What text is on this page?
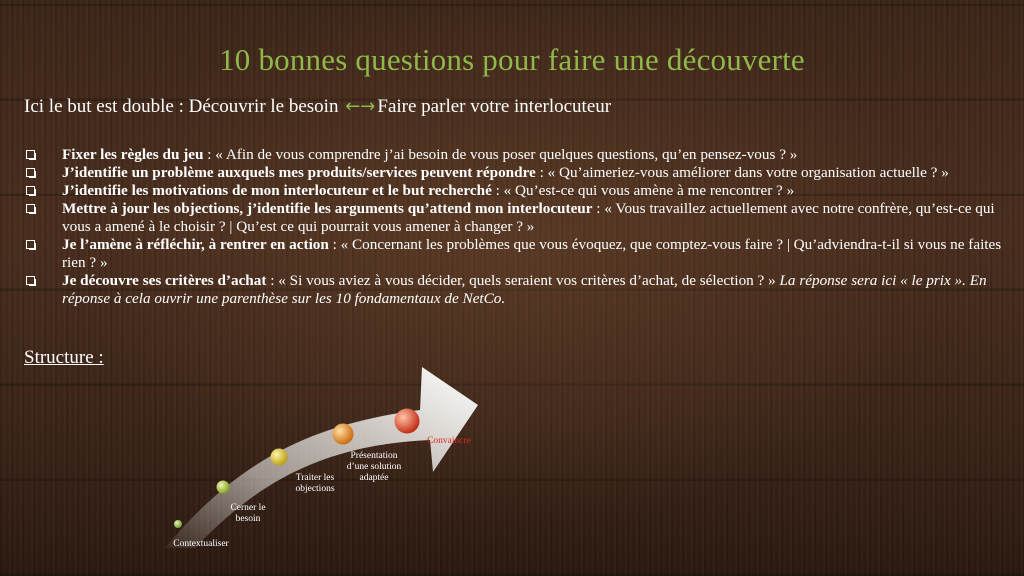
10 bonnes questions pour faire une découverte
Ici le but est double : Découvrir le besoin ←→ Faire parler votre interlocuteur
Fixer les règles du jeu : « Afin de vous comprendre j’ai besoin de vous poser quelques questions, qu’en pensez-vous ? »
J’identifie un problème auxquels mes produits/services peuvent répondre : « Qu’aimeriez-vous améliorer dans votre organisation actuelle ? »
J’identifie les motivations de mon interlocuteur et le but recherché : « Qu’est-ce qui vous amène à me rencontrer ? »
Mettre à jour les objections, j’identifie les arguments qu’attend mon interlocuteur : « Vous travaillez actuellement avec notre confrère, qu’est-ce qui vous a amené à le choisir ? | Qu’est ce qui pourrait vous amener à changer ? »
Je l’amène à réfléchir, à rentrer en action : « Concernant les problèmes que vous évoquez, que comptez-vous faire ? | Qu’adviendra-t-il si vous ne faites rien ? »
Je découvre ses critères d’achat : « Si vous aviez à vous décider, quels seraient vos critères d’achat, de sélection ? » La réponse sera ici « le prix ». En réponse à cela ouvrir une parenthèse sur les 10 fondamentaux de NetCo.
Structure :
Contextualiser
Cerner le besoin
Traiter les objections
Présentation d’une solution adaptée
Convaincre
